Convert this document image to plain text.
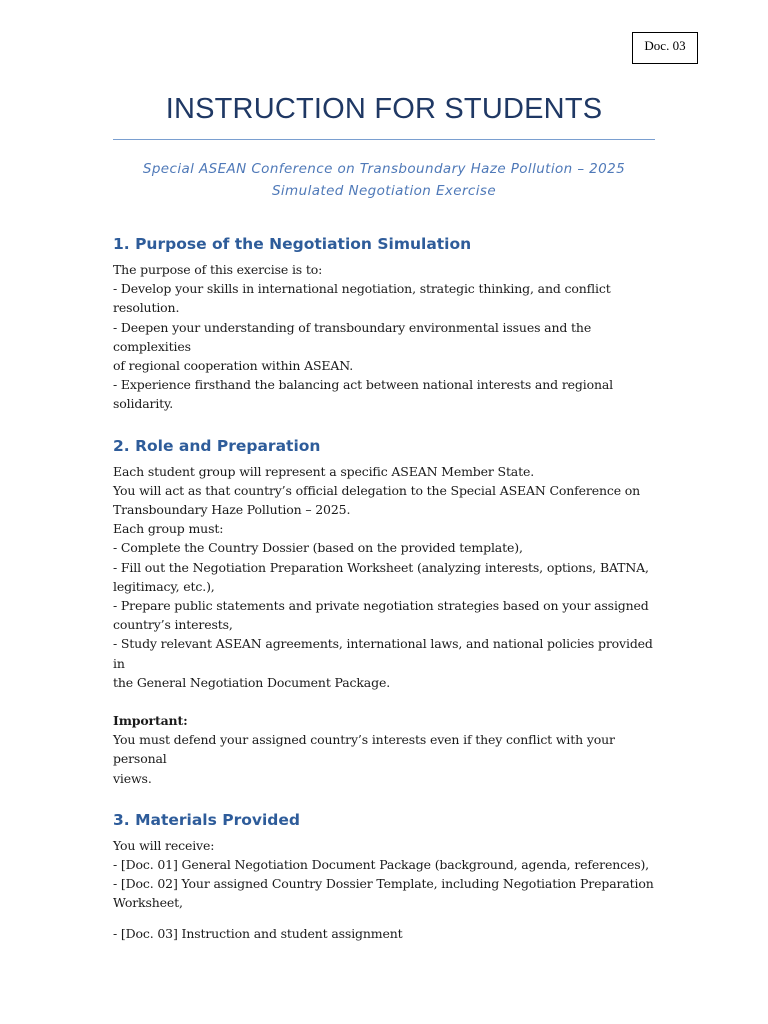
Doc. 03
INSTRUCTION FOR STUDENTS
Special ASEAN Conference on Transboundary Haze Pollution – 2025
Simulated Negotiation Exercise
1. Purpose of the Negotiation Simulation

The purpose of this exercise is to:

- Develop your skills in international negotiation, strategic thinking, and conflict resolution.

- Deepen your understanding of transboundary environmental issues and the complexities

of regional cooperation within ASEAN.

- Experience firsthand the balancing act between national interests and regional solidarity.

2. Role and Preparation

Each student group will represent a specific ASEAN Member State.

You will act as that country’s official delegation to the Special ASEAN Conference on

Transboundary Haze Pollution – 2025.

Each group must:

- Complete the Country Dossier (based on the provided template),

- Fill out the Negotiation Preparation Worksheet (analyzing interests, options, BATNA,

legitimacy, etc.),

- Prepare public statements and private negotiation strategies based on your assigned

country’s interests,

- Study relevant ASEAN agreements, international laws, and national policies provided in

the General Negotiation Document Package.

Important:

You must defend your assigned country’s interests even if they conflict with your personal

views.

3. Materials Provided

You will receive:

- [Doc. 01] General Negotiation Document Package (background, agenda, references),

- [Doc. 02] Your assigned Country Dossier Template, including Negotiation Preparation

Worksheet,

- [Doc. 03] Instruction and student assignment
